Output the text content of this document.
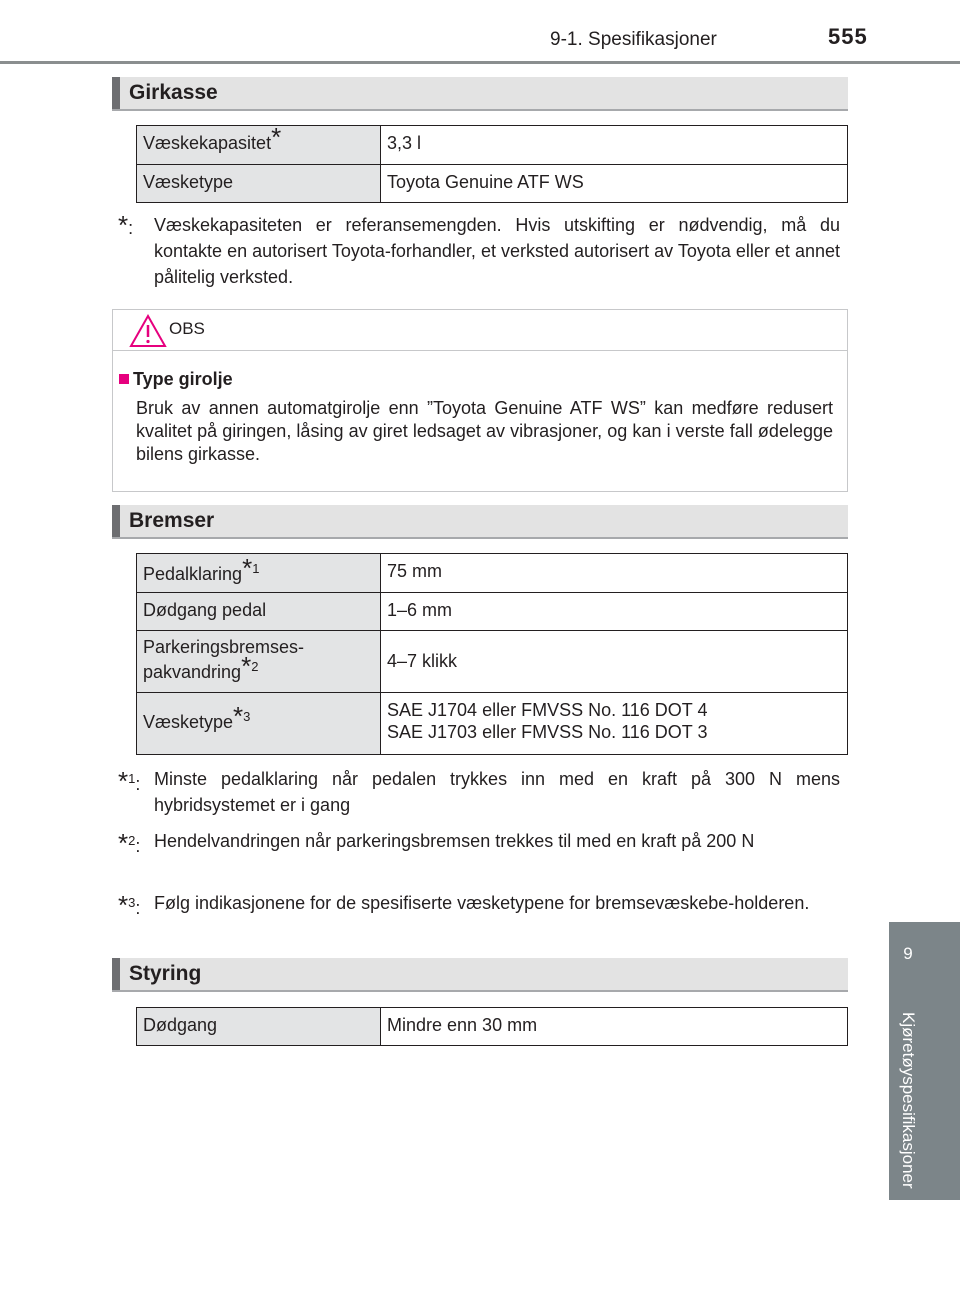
9-1. Spesifikasjoner	555
9
Kjøretøyspesifikasjoner
Girkasse
Væskekapasitet*	3,3 l
Væsketype	Toyota Genuine ATF WS
*:	Væskekapasiteten er referansemengden. Hvis utskifting er nødvendig, må du kontakte en autorisert Toyota-forhandler, et verksted autorisert av Toyota eller et annet pålitelig verksted.
OBS
Type girolje
Bruk av annen automatgirolje enn ”Toyota Genuine ATF WS” kan medføre redusert kvalitet på giringen, låsing av giret ledsaget av vibrasjoner, og kan i verste fall ødelegge bilens girkasse.
Bremser
Pedalklaring$^{*1}$	75 mm
Dødgang pedal	1–6 mm
Parkeringsbremses-
pakvandring$^{*2}$	4–7 klikk
Væsketype$^{*3}$	SAE J1704 eller FMVSS No. 116 DOT 4
SAE J1703 eller FMVSS No. 116 DOT 3
*$^1$: Minste pedalklaring når pedalen trykkes inn med en kraft på 300 N mens hybridsystemet er i gang
*$^2$: Hendelvandringen når parkeringsbremsen trekkes til med en kraft på 200 N
*$^3$: Følg indikasjonene for de spesifiserte væsketypene for bremsevæskebe-holderen.
Styring
Dødgang	Mindre enn 30 mm
